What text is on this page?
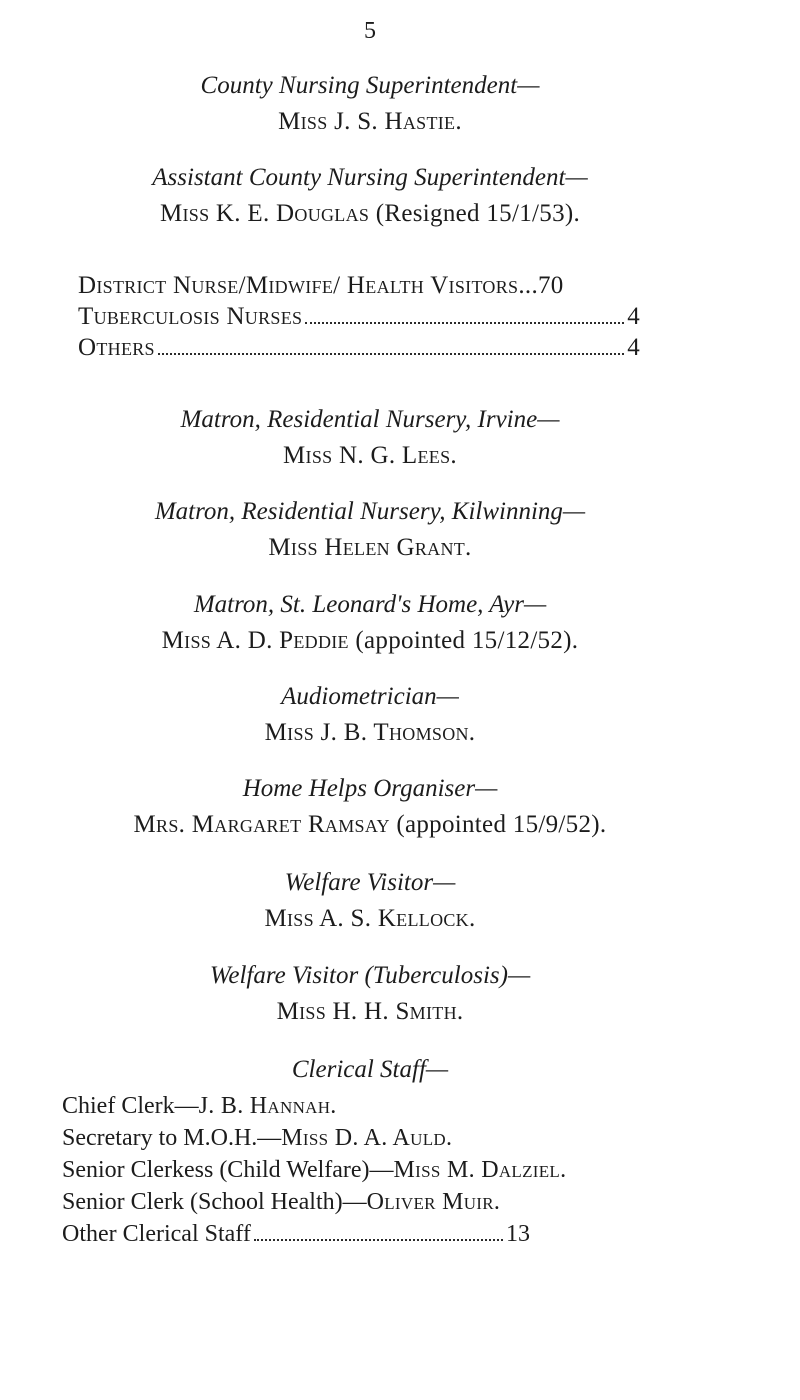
5
County Nursing Superintendent—
Miss J. S. Hastie.
Assistant County Nursing Superintendent—
Miss K. E. Douglas (Resigned 15/1/53).
District Nurse/Midwife/ Health Visitors... 70
Tuberculosis Nurses	4
Others	4
Matron, Residential Nursery, Irvine—
Miss N. G. Lees.
Matron, Residential Nursery, Kilwinning—
Miss Helen Grant.
Matron, St. Leonard's Home, Ayr—
Miss A. D. Peddie (appointed 15/12/52).
Audiometrician—
Miss J. B. Thomson.
Home Helps Organiser—
Mrs. Margaret Ramsay (appointed 15/9/52).
Welfare Visitor—
Miss A. S. Kellock.
Welfare Visitor (Tuberculosis)—
Miss H. H. Smith.
Clerical Staff—
Chief Clerk—J. B. Hannah.
Secretary to M.O.H.—Miss D. A. Auld.
Senior Clerkess (Child Welfare)—Miss M. Dalziel.
Senior Clerk (School Health)—Oliver Muir.
Other Clerical Staff	13
